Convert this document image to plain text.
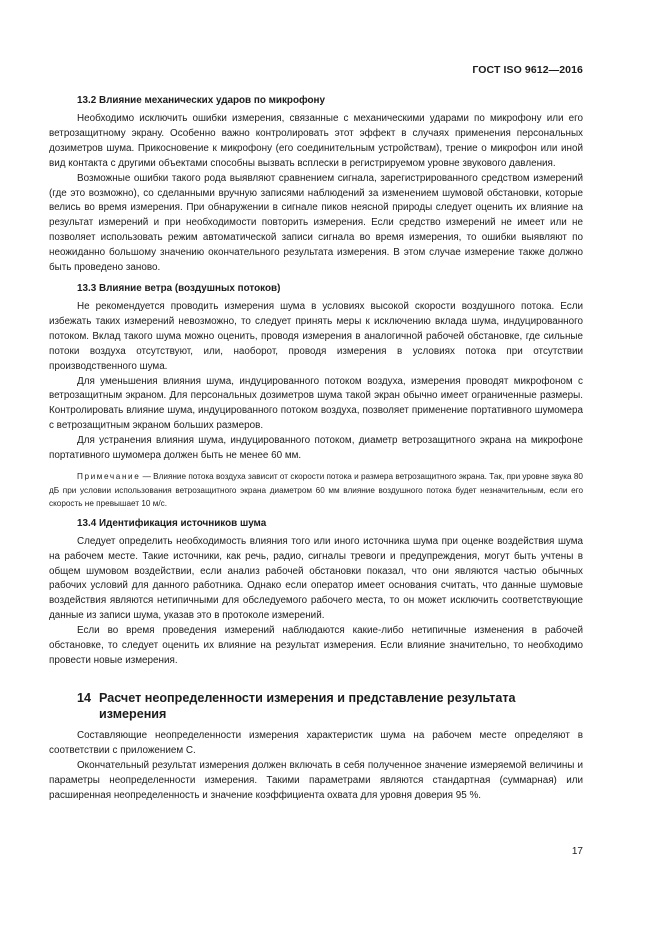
ГОСТ ISO 9612—2016

13.2 Влияние механических ударов по микрофону

Необходимо исключить ошибки измерения, связанные с механическими ударами по микрофону или его ветрозащитному экрану. Особенно важно контролировать этот эффект в случаях применения персональных дозиметров шума. Прикосновение к микрофону (его соединительным устройствам), трение о микрофон или иной вид контакта с другими объектами способны вызвать всплески в регистрируемом уровне звукового давления.

Возможные ошибки такого рода выявляют сравнением сигнала, зарегистрированного средством измерений (где это возможно), со сделанными вручную записями наблюдений за изменением шумовой обстановки, которые велись во время измерения. При обнаружении в сигнале пиков неясной природы следует оценить их влияние на результат измерений и при необходимости повторить измерения. Если средство измерений не имеет или не позволяет использовать режим автоматической записи сигнала во время измерения, то ошибки выявляют по неожиданно большому значению окончательного результата измерения. В этом случае измерение также должно быть проведено заново.

13.3 Влияние ветра (воздушных потоков)

Не рекомендуется проводить измерения шума в условиях высокой скорости воздушного потока. Если избежать таких измерений невозможно, то следует принять меры к исключению вклада шума, индуцированного потоком. Вклад такого шума можно оценить, проводя измерения в аналогичной рабочей обстановке, где сильные потоки воздуха отсутствуют, или, наоборот, проводя измерения в условиях потока при отсутствии производственного шума.

Для уменьшения влияния шума, индуцированного потоком воздуха, измерения проводят микрофоном с ветрозащитным экраном. Для персональных дозиметров шума такой экран обычно имеет ограниченные размеры. Контролировать влияние шума, индуцированного потоком воздуха, позволяет применение портативного шумомера с ветрозащитным экраном больших размеров.

Для устранения влияния шума, индуцированного потоком, диаметр ветрозащитного экрана на микрофоне портативного шумомера должен быть не менее 60 мм.

Примечание — Влияние потока воздуха зависит от скорости потока и размера ветрозащитного экрана. Так, при уровне звука 80 дБ при условии использования ветрозащитного экрана диаметром 60 мм влияние воздушного потока будет незначительным, если его скорость не превышает 10 м/с.

13.4 Идентификация источников шума

Следует определить необходимость влияния того или иного источника шума при оценке воздействия шума на рабочем месте. Такие источники, как речь, радио, сигналы тревоги и предупреждения, могут быть учтены в общем шумовом воздействии, если анализ рабочей обстановки показал, что они являются частью обычных рабочих условий для данного работника. Однако если оператор имеет основания считать, что данные шумовые воздействия являются нетипичными для обследуемого рабочего места, то он может исключить соответствующие данные из записи шума, указав это в протоколе измерений.

Если во время проведения измерений наблюдаются какие-либо нетипичные изменения в рабочей обстановке, то следует оценить их влияние на результат измерения. Если влияние значительно, то необходимо провести новые измерения.

14 Расчет неопределенности измерения и представление результата измерения

Составляющие неопределенности измерения характеристик шума на рабочем месте определяют в соответствии с приложением C.

Окончательный результат измерения должен включать в себя полученное значение измеряемой величины и параметры неопределенности измерения. Такими параметрами являются стандартная (суммарная) или расширенная неопределенность и значение коэффициента охвата для уровня доверия 95 %.

17
